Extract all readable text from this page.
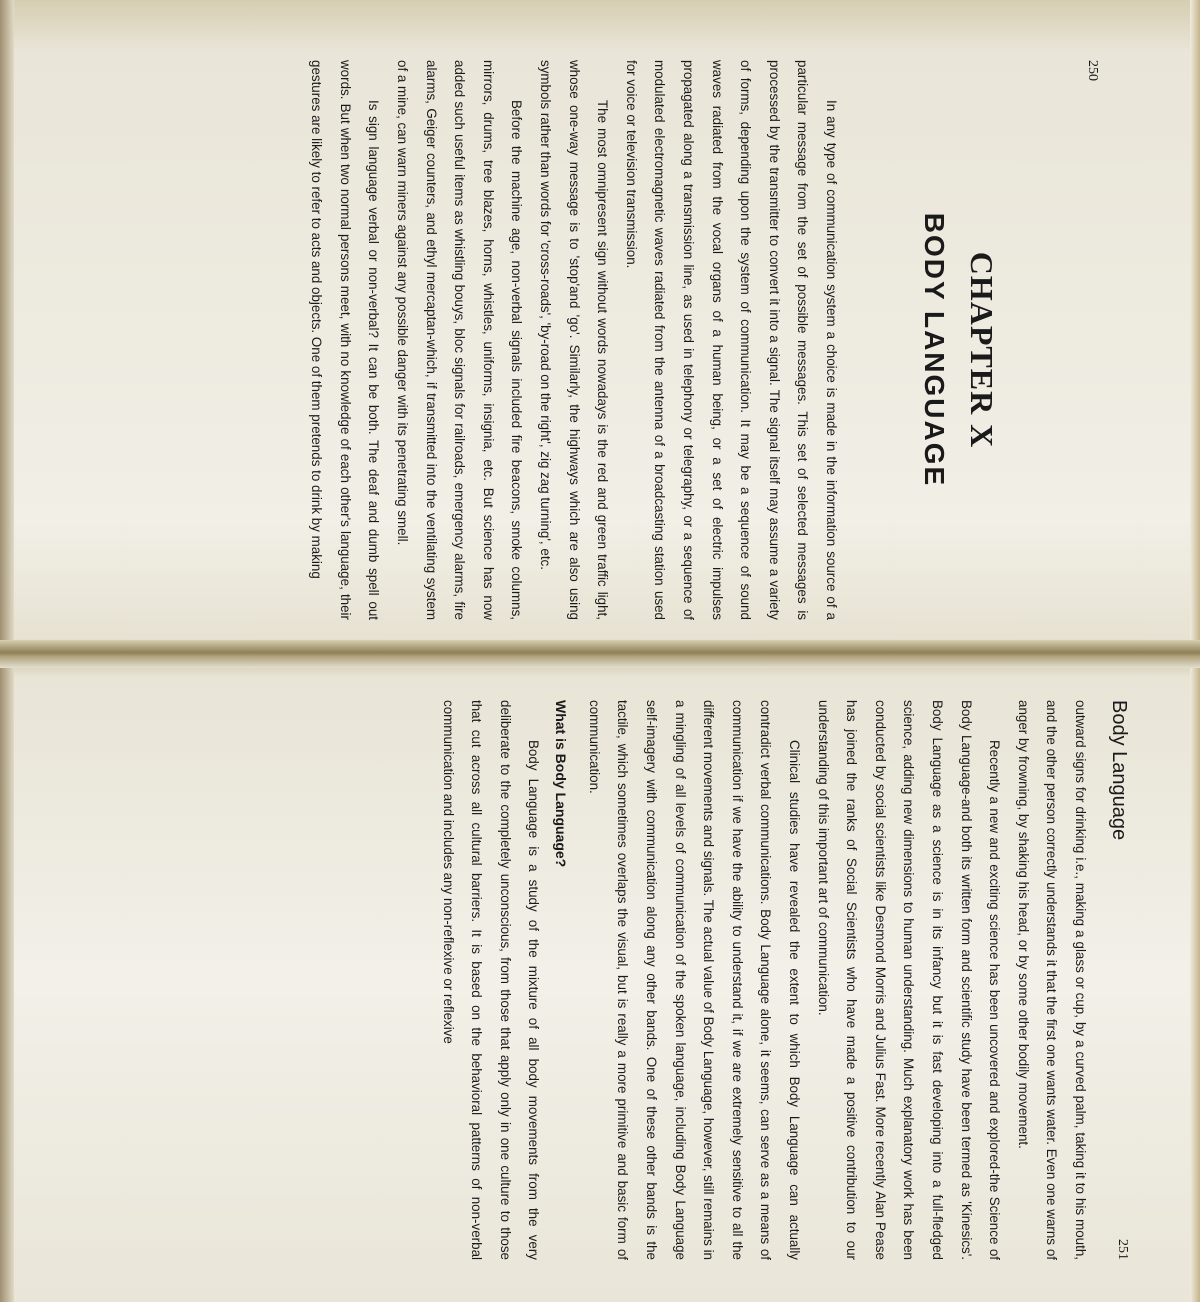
250
CHAPTER X
BODY LANGUAGE

In any type of communication system a choice is made in the information source of a particular message from the set of possible messages. This set of selected messages is processed by the transmitter to convert it into a signal. The signal itself may assume a variety of forms, depending upon the system of communication. It may be a sequence of sound waves radiated from the vocal organs of a human being, or a set of electric impulses propagated along a transmission line, as used in telephony or telegraphy, or a sequence of modulated electromagnetic waves radiated from the antenna of a broadcasting station used for voice or television transmission.

The most omnipresent sign without words nowadays is the red and green traffic light, whose one-way message is to 'stop'and 'go'. Similarly, the highways which are also using symbols rather than words for 'cross-roads', 'by-road on the right', zig zag turning', etc.

Before the machine age, non-verbal signals included fire beacons, smoke columns, mirrors, drums, tree blazes, horns, whistles, uniforms, insignia, etc. But science has now added such useful items as whistling bouys, bloc signals for railroads, emergency alarms, fire alarms, Geiger counters, and ethyl mercaptan-which, if transmitted into the ventilating system of a mine, can warn miners against any possible danger with its penetrating smell.

Is sign language verbal or non-verbal? It can be both. The deaf and dumb spell out words. But when two normal persons meet, with no knowledge of each other's language, their gestures are likely to refer to acts and objects. One of them pretends to drink by making

Body Language
251

outward signs for drinking i.e., making a glass or cup, by a curved palm, taking it to his mouth, and the other person correctly understands it that the first one wants water. Even one warns of anger by frowning, by shaking his head, or by some other bodily movement.

Recently a new and exciting science has been uncovered and explored-the Science of Body Language-and both its written form and scientific study have been termed as 'Kinesics'. Body Language as a science is in its infancy but it is fast developing into a full-fledged science, adding new dimensions to human understanding. Much explanatory work has been conducted by social scientists like Desmond Morris and Julius Fast. More recently Alan Pease has joined the ranks of Social Scientists who have made a positive contribution to our understanding of this important art of communication.

Clinical studies have revealed the extent to which Body Language can actually contradict verbal communications. Body Language alone, it seems, can serve as a means of communication if we have the ability to understand it, if we are extremely sensitive to all the different movements and signals. The actual value of Body Language, however, still remains in a mingling of all levels of communication of the spoken language, including Body Language self-imagery with communication along any other bands. One of these other bands is the tactile, which sometimes overlaps the visual, but is really a more primitive and basic form of communication.

What is Body Language?

Body Language is a study of the mixture of all body movements from the very deliberate to the completely unconscious, from those that apply only in one culture to those that cut across all cultural barriers. It is based on the behavioral patterns of non-verbal communication and includes any non-reflexive or reflexive
